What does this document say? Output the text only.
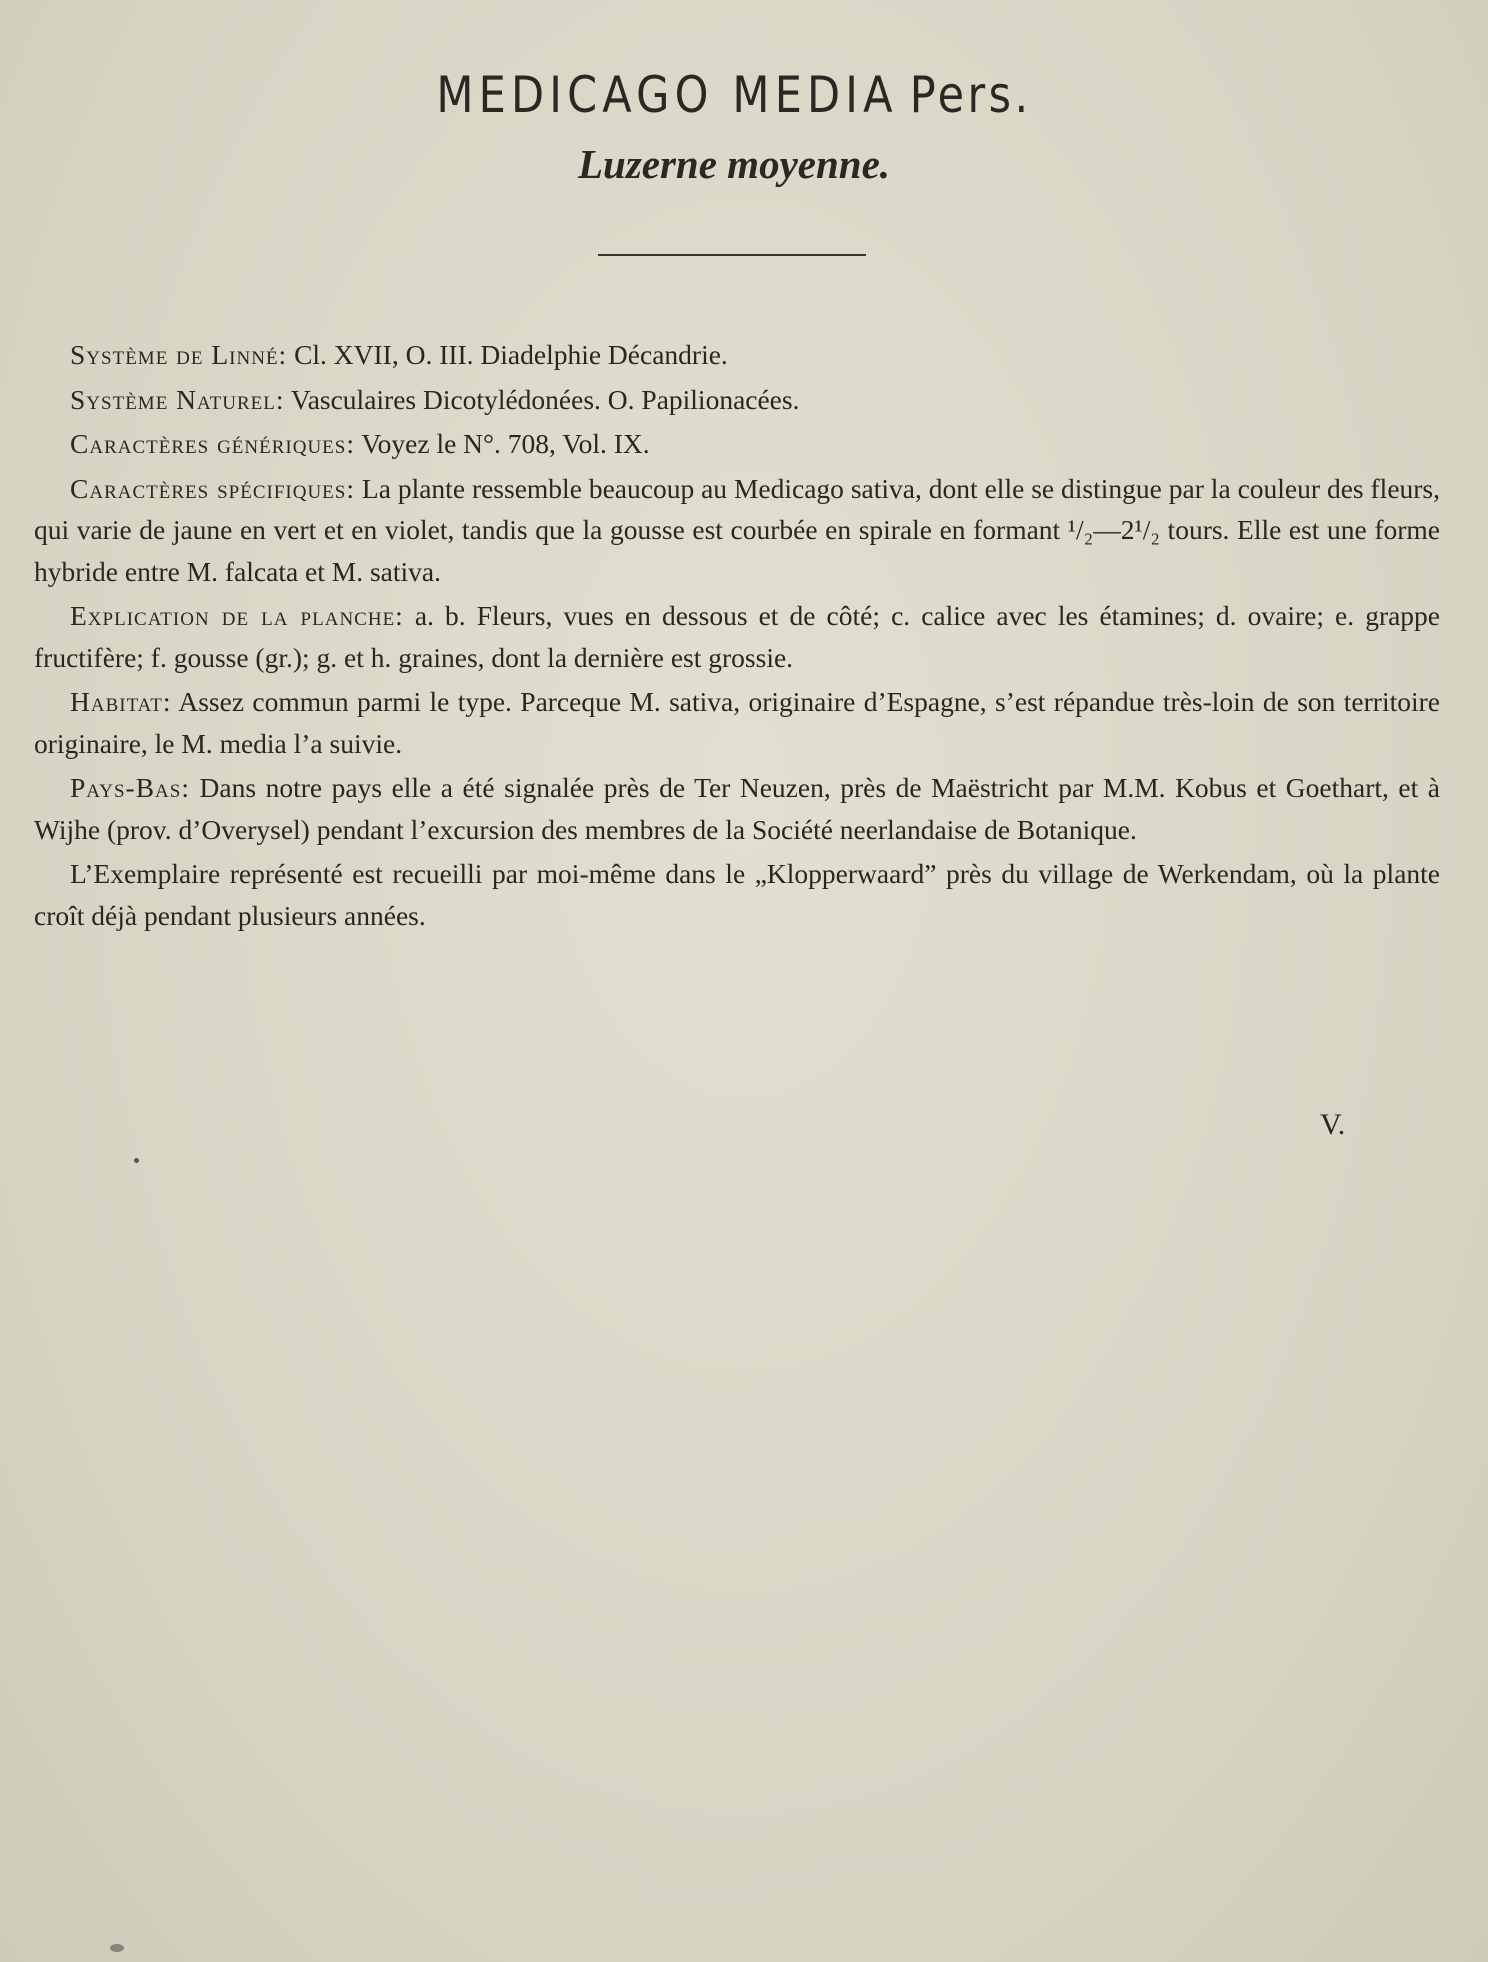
MEDICAGO MEDIA Pers.
Luzerne moyenne.

Système de Linné: Cl. XVII, O. III. Diadelphie Décandrie.

Système Naturel: Vasculaires Dicotylédonées. O. Papilionacées.

Caractères génériques: Voyez le N°. 708, Vol. IX.

Caractères spécifiques: La plante ressemble beaucoup au Medicago sativa, dont elle se distingue par la couleur des fleurs, qui varie de jaune en vert et en violet, tandis que la gousse est courbée en spirale en formant ¹/₂—2¹/₂ tours. Elle est une forme hybride entre M. falcata et M. sativa.

Explication de la planche: a. b. Fleurs, vues en dessous et de côté; c. calice avec les étamines; d. ovaire; e. grappe fructifère; f. gousse (gr.); g. et h. graines, dont la dernière est grossie.

Habitat: Assez commun parmi le type. Parceque M. sativa, originaire d’Espagne, s’est répandue très-loin de son territoire originaire, le M. media l’a suivie.

Pays-Bas: Dans notre pays elle a été signalée près de Ter Neuzen, près de Maëstricht par M.M. Kobus et Goethart, et à Wijhe (prov. d’Overysel) pendant l’excursion des membres de la Société neerlandaise de Botanique.

L’Exemplaire représenté est recueilli par moi-même dans le „Klopperwaard” près du village de Werkendam, où la plante croît déjà pendant plusieurs années.

V.
